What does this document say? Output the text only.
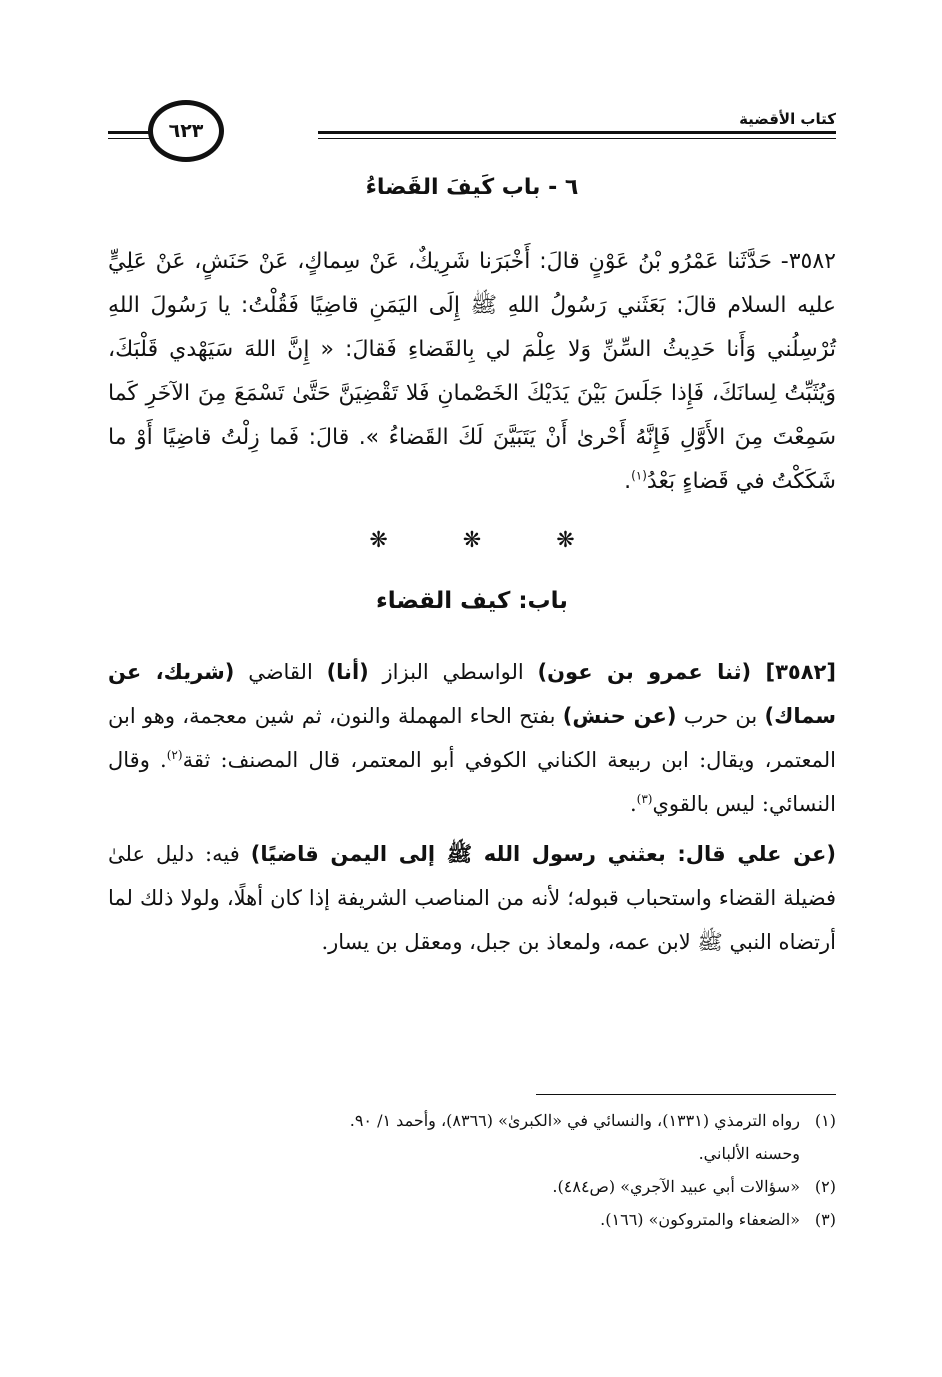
كتاب الأقضية
٦٢٣
٦ - باب كَيفَ القَضاءُ
٣٥٨٢- حَدَّثَنا عَمْرُو بْنُ عَوْنٍ قالَ: أَخْبَرَنا شَرِيكٌ، عَنْ سِماكٍ، عَنْ حَنَشٍ، عَنْ عَلِيٍّ عليه السلام قالَ: بَعَثَني رَسُولُ اللهِ ﷺ إِلَى اليَمَنِ قاضِيًا فَقُلْتُ: يا رَسُولَ اللهِ تُرْسِلُني وَأَنا حَدِيثُ السِّنِّ وَلا عِلْمَ لي بِالقَضاءِ فَقالَ: « إِنَّ اللهَ سَيَهْدي قَلْبَكَ، وَيُثَبِّتُ لِسانَكَ، فَإِذا جَلَسَ بَيْنَ يَدَيْكَ الخَصْمانِ فَلا تَقْضِيَنَّ حَتَّىٰ تَسْمَعَ مِنَ الآخَرِ كَما سَمِعْتَ مِنَ الأَوَّلِ فَإِنَّهُ أَحْرىٰ أَنْ يَتَبَيَّنَ لَكَ القَضاءُ ». قالَ: فَما زِلْتُ قاضِيًا أَوْ ما شَكَكْتُ في قَضاءٍ بَعْدُ$^{(١)}$.
❋ ❋ ❋
باب: كيف القضاء

[٣٥٨٢] (ثنا عمرو بن عون) الواسطي البزاز (أنا) القاضي (شريك، عن سماك) بن حرب (عن حنش) بفتح الحاء المهملة والنون، ثم شين معجمة، وهو ابن المعتمر، ويقال: ابن ربيعة الكناني الكوفي أبو المعتمر، قال المصنف: ثقة$^{(٢)}$. وقال النسائي: ليس بالقوي$^{(٣)}$.

(عن علي قال: بعثني رسول الله ﷺ إلى اليمن قاضيًا) فيه: دليل علىٰ فضيلة القضاء واستحباب قبوله؛ لأنه من المناصب الشريفة إذا كان أهلًا، ولولا ذلك لما أرتضاه النبي ﷺ لابن عمه، ولمعاذ بن جبل، ومعقل بن يسار.

(١)
رواه الترمذي (١٣٣١)، والنسائي في «الكبرىٰ» (٨٣٦٦)، وأحمد ١/ ٩٠.
وحسنه الألباني.
(٢)
«سؤالات أبي عبيد الآجري» (ص٤٨٤).
(٣)
«الضعفاء والمتروكون» (١٦٦).
